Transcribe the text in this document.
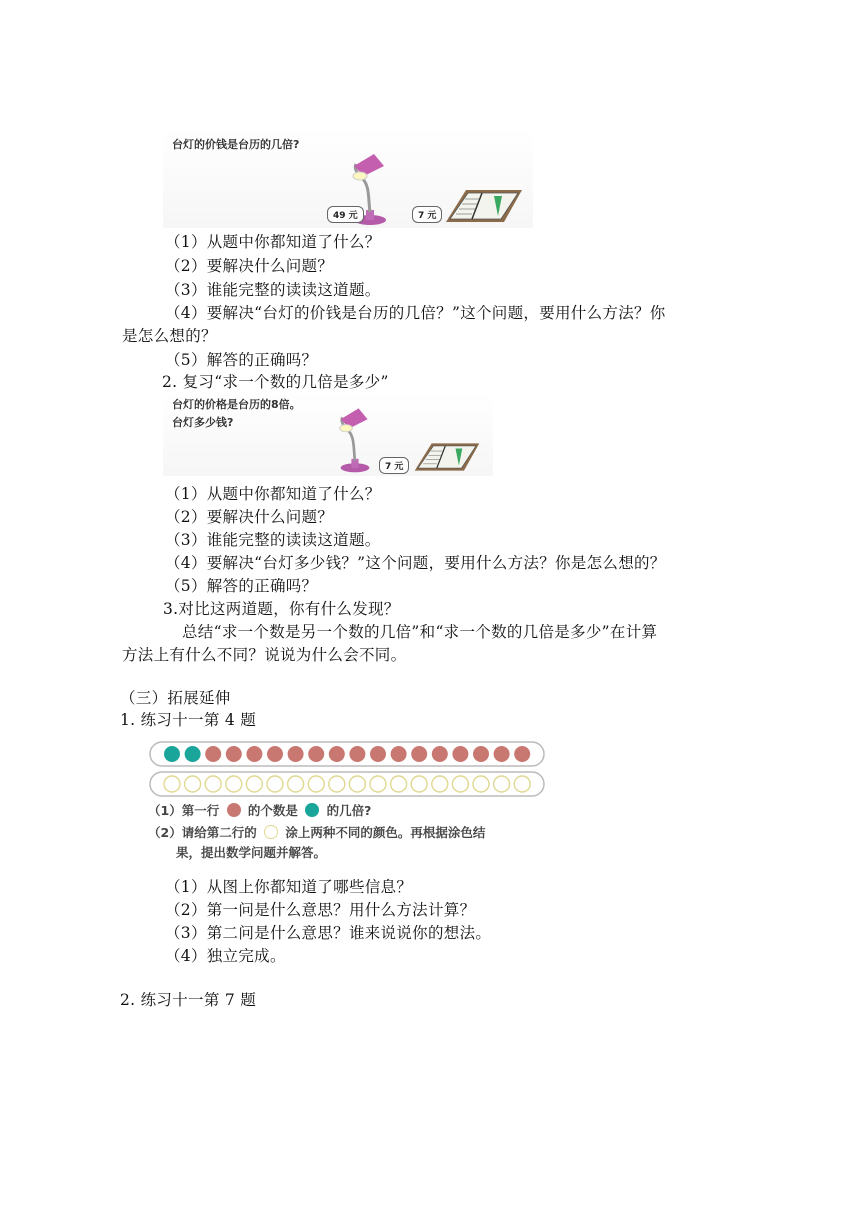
台灯的价钱是台历的几倍?
49 元	7 元
（1）从题中你都知道了什么？
（2）要解决什么问题？
（3）谁能完整的读读这道题。
（4）要解决“台灯的价钱是台历的几倍？”这个问题，要用什么方法？你
是怎么想的？
（5）解答的正确吗？
2. 复习“求一个数的几倍是多少”
台灯的价格是台历的8倍。
台灯多少钱?
7 元
（1）从题中你都知道了什么？
（2）要解决什么问题？
（3）谁能完整的读读这道题。
（4）要解决“台灯多少钱？”这个问题，要用什么方法？你是怎么想的？
（5）解答的正确吗？
3.对比这两道题，你有什么发现？
总结“求一个数是另一个数的几倍”和“求一个数的几倍是多少”在计算
方法上有什么不同？说说为什么会不同。
（三）拓展延伸
1. 练习十一第 4 题
（1）第一行 的个数是 的几倍?
（2）请给第二行的 涂上两种不同的颜色。再根据涂色结
果，提出数学问题并解答。
（1）从图上你都知道了哪些信息？
（2）第一问是什么意思？用什么方法计算？
（3）第二问是什么意思？谁来说说你的想法。
（4）独立完成。
2. 练习十一第 7 题
